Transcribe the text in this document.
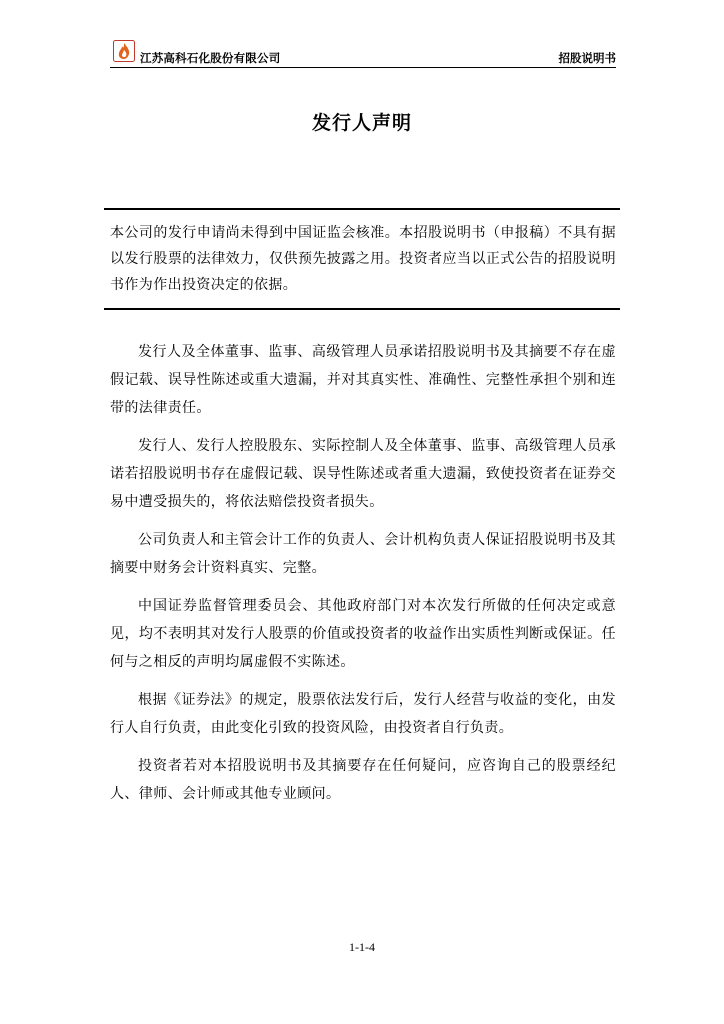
江苏高科石化股份有限公司	招股说明书
发行人声明

本公司的发行申请尚未得到中国证监会核准。本招股说明书（申报稿）不具有据以发行股票的法律效力，仅供预先披露之用。投资者应当以正式公告的招股说明书作为作出投资决定的依据。

发行人及全体董事、监事、高级管理人员承诺招股说明书及其摘要不存在虚假记载、误导性陈述或重大遗漏，并对其真实性、准确性、完整性承担个别和连带的法律责任。

发行人、发行人控股股东、实际控制人及全体董事、监事、高级管理人员承诺若招股说明书存在虚假记载、误导性陈述或者重大遗漏，致使投资者在证券交易中遭受损失的，将依法赔偿投资者损失。

公司负责人和主管会计工作的负责人、会计机构负责人保证招股说明书及其摘要中财务会计资料真实、完整。

中国证券监督管理委员会、其他政府部门对本次发行所做的任何决定或意见，均不表明其对发行人股票的价值或投资者的收益作出实质性判断或保证。任何与之相反的声明均属虚假不实陈述。

根据《证券法》的规定，股票依法发行后，发行人经营与收益的变化，由发行人自行负责，由此变化引致的投资风险，由投资者自行负责。

投资者若对本招股说明书及其摘要存在任何疑问，应咨询自己的股票经纪人、律师、会计师或其他专业顾问。

1-1-4
